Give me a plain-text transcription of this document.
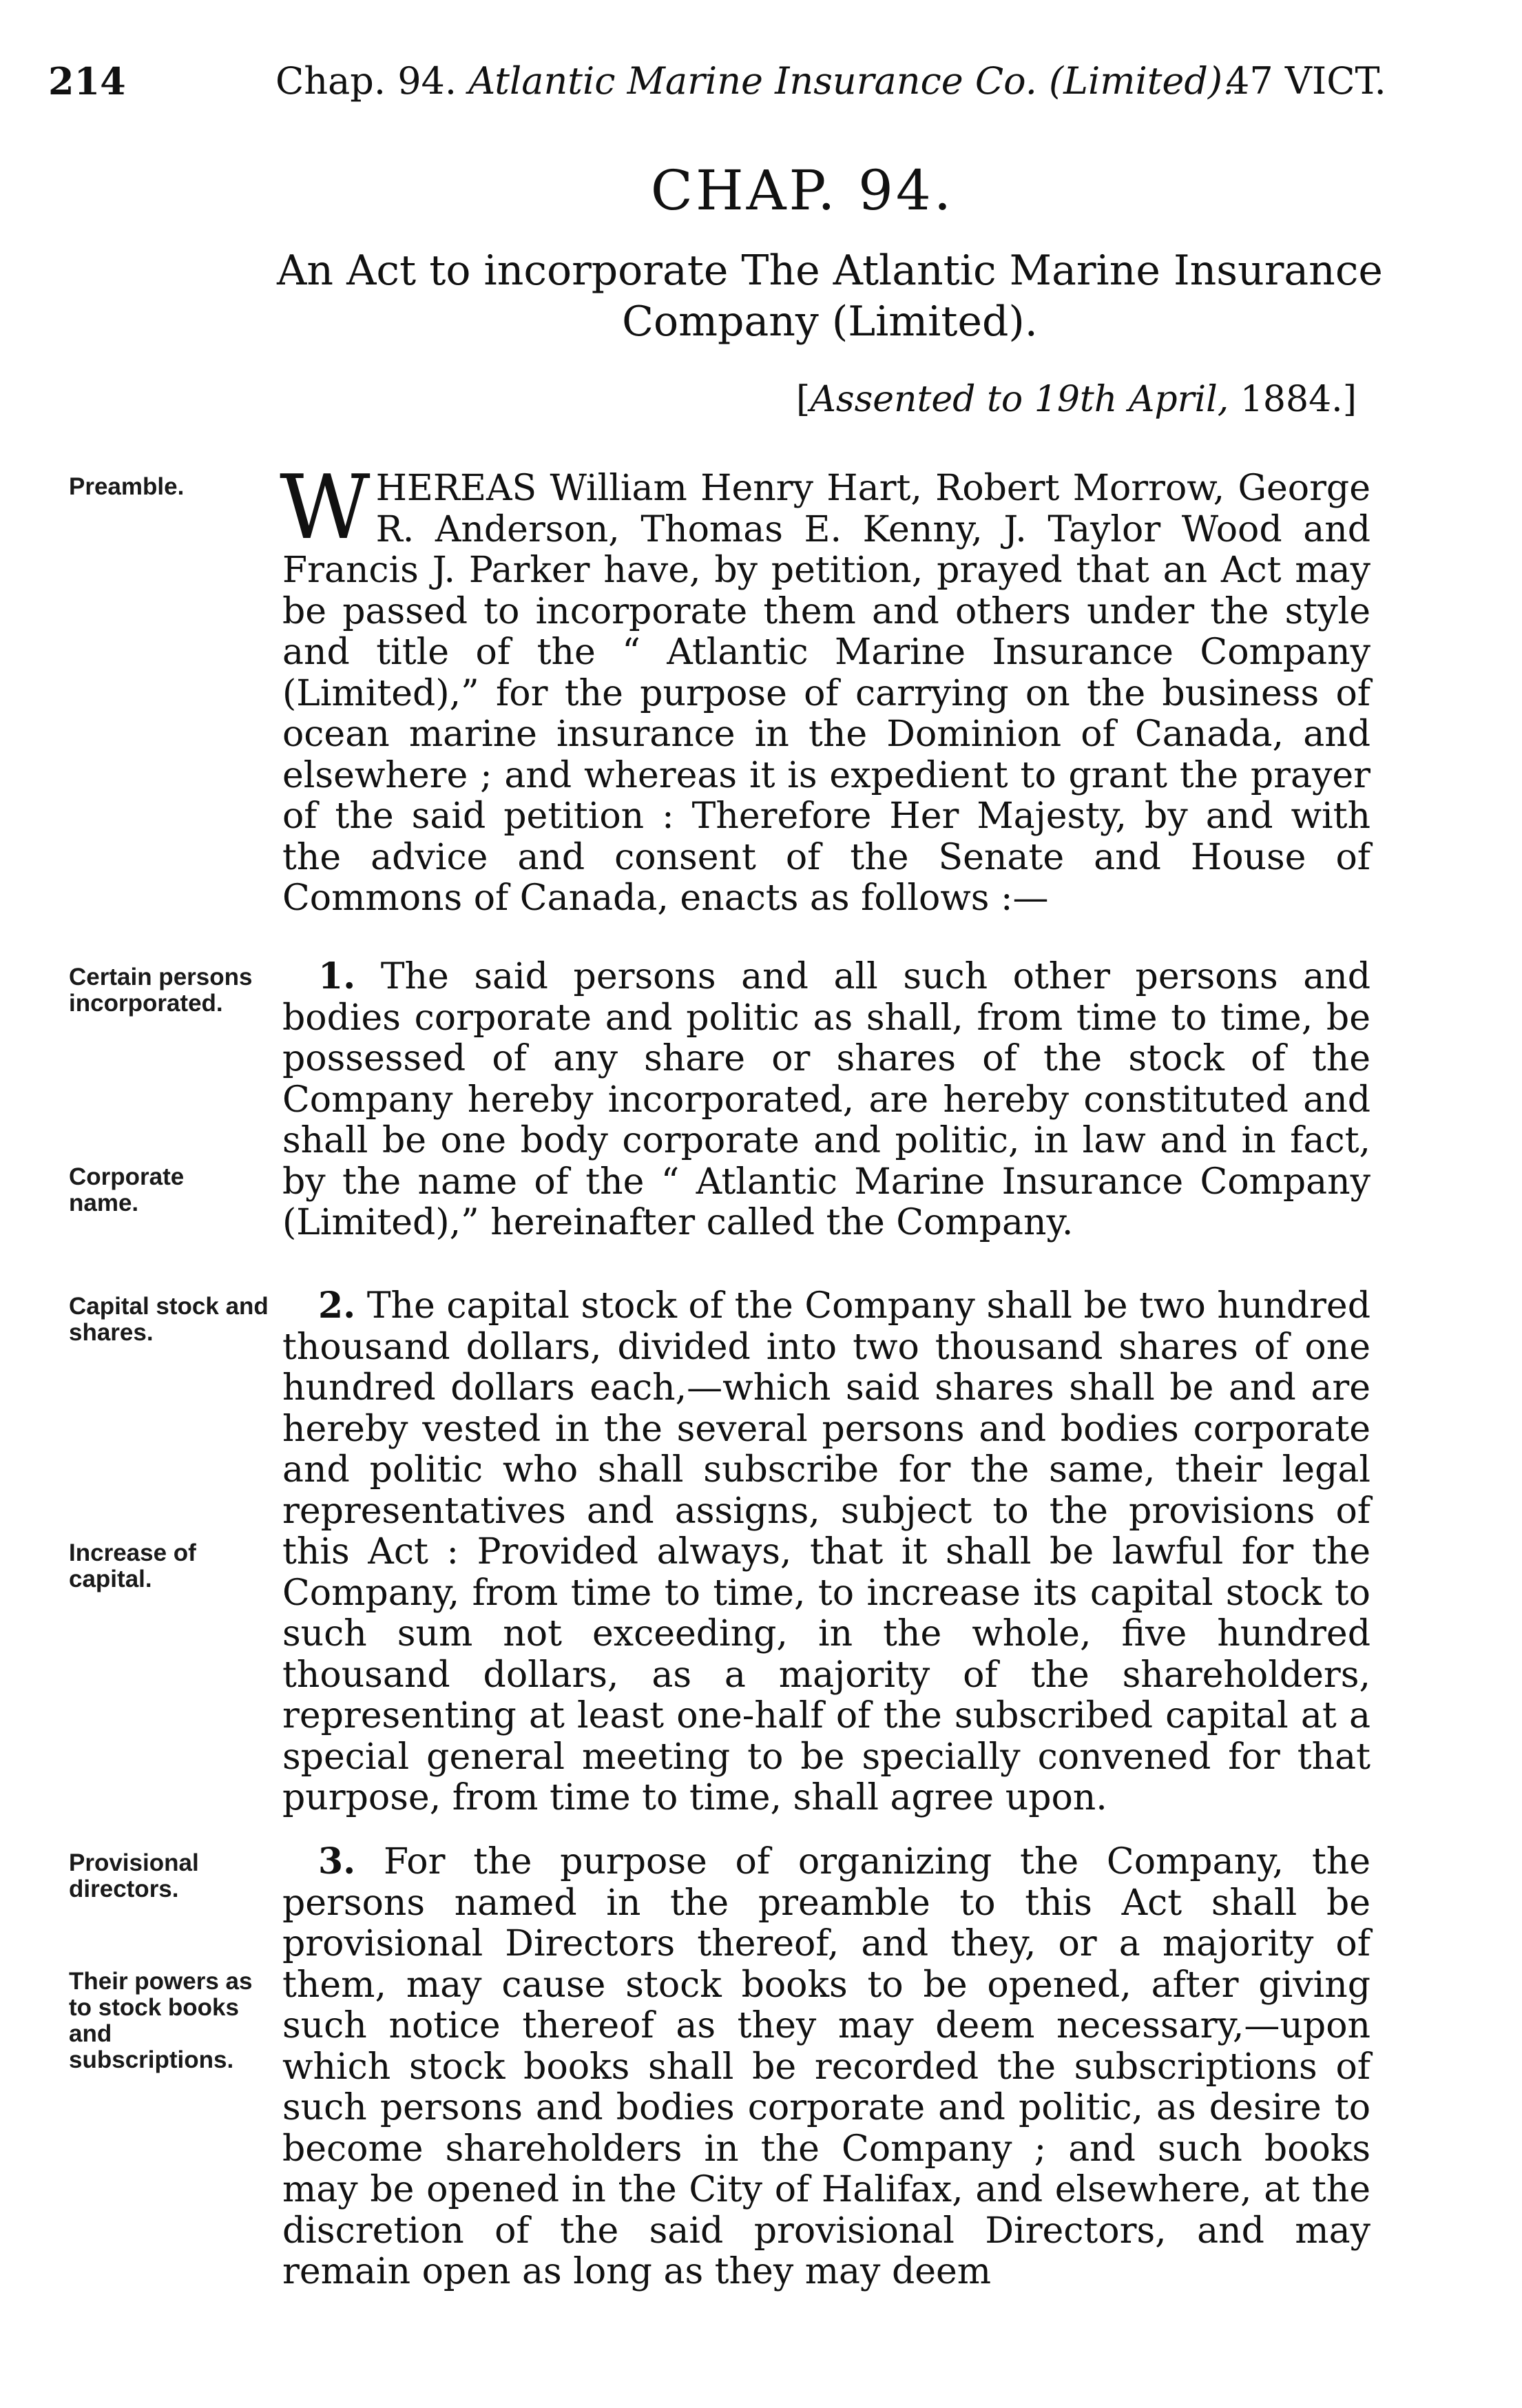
214	Chap. 94. Atlantic Marine Insurance Co. (Limited).
47 VICT.
CHAP. 94.
An Act to incorporate The Atlantic Marine Insurance
Company (Limited).
[Assented to 19th April, 1884.]
Preamble.
Certain persons incorporated.
Corporate name.
Capital stock and shares.
Increase of capital.
Provisional directors.
Their powers as to stock books and subscriptions.

WHEREAS William Henry Hart, Robert Morrow, George R. Anderson, Thomas E. Kenny, J. Taylor Wood and Francis J. Parker have, by petition, prayed that an Act may be passed to incorporate them and others under the style and title of the “ Atlantic Marine Insurance Company (Limited),” for the purpose of carrying on the business of ocean marine insurance in the Dominion of Canada, and elsewhere ; and whereas it is expedient to grant the prayer of the said petition : Therefore Her Majesty, by and with the advice and consent of the Senate and House of Commons of Canada, enacts as follows :—

 1. The said persons and all such other persons and bodies corporate and politic as shall, from time to time, be possessed of any share or shares of the stock of the Company hereby incorporated, are hereby constituted and shall be one body corporate and politic, in law and in fact, by the name of the “ Atlantic Marine Insurance Company (Limited),” hereinafter called the Company.

 2. The capital stock of the Company shall be two hundred thousand dollars, divided into two thousand shares of one hundred dollars each,—which said shares shall be and are hereby vested in the several persons and bodies corporate and politic who shall subscribe for the same, their legal representatives and assigns, subject to the provisions of this Act : Provided always, that it shall be lawful for the Company, from time to time, to increase its capital stock to such sum not exceeding, in the whole, five hundred thousand dollars, as a majority of the shareholders, representing at least one-half of the subscribed capital at a special general meeting to be specially convened for that purpose, from time to time, shall agree upon.

 3. For the purpose of organizing the Company, the persons named in the preamble to this Act shall be provisional Directors thereof, and they, or a majority of them, may cause stock books to be opened, after giving such notice thereof as they may deem necessary,—upon which stock books shall be recorded the subscriptions of such persons and bodies corporate and politic, as desire to become shareholders in the Company ; and such books may be opened in the City of Halifax, and elsewhere, at the discretion of the said provisional Directors, and may remain open as long as they may deem
